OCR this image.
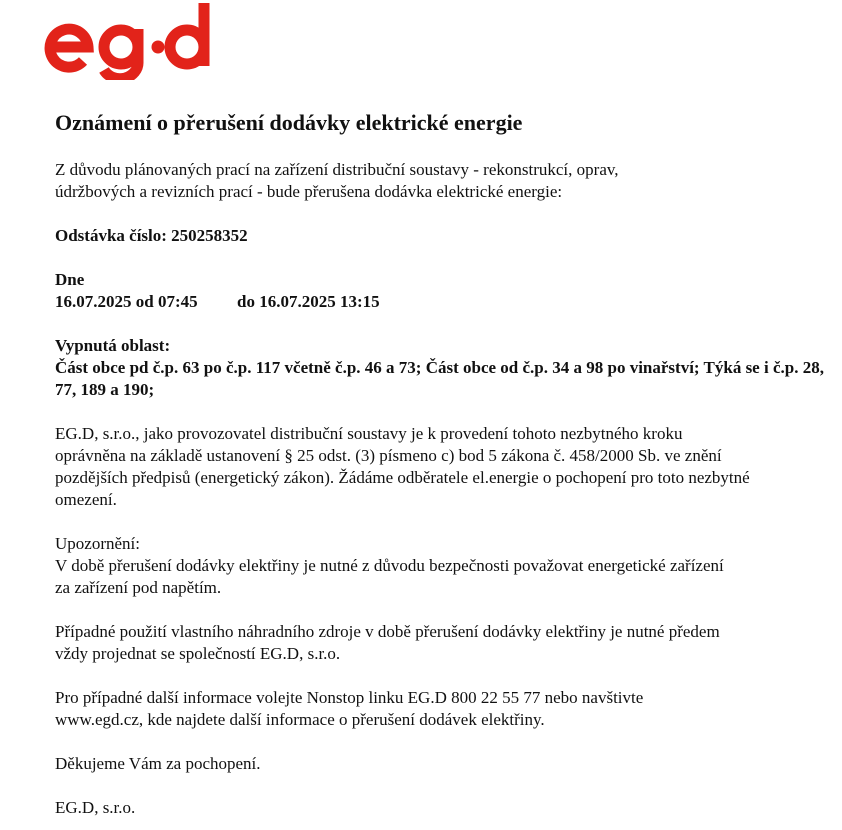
Oznámení o přerušení dodávky elektrické energie

Z důvodu plánovaných prací na zařízení distribuční soustavy - rekonstrukcí, oprav, údržbových a revizních prací - bude přerušena dodávka elektrické energie:

Odstávka číslo: 250258352

Dne
16.07.2025 od 07:45 do 16.07.2025 13:15

Vypnutá oblast:
Část obce pd č.p. 63 po č.p. 117 včetně č.p. 46 a 73; Část obce od č.p. 34 a 98 po vinařství; Týká se i č.p. 28, 77, 189 a 190;

EG.D, s.r.o., jako provozovatel distribuční soustavy je k provedení tohoto nezbytného kroku oprávněna na základě ustanovení § 25 odst. (3) písmeno c) bod 5 zákona č. 458/2000 Sb. ve znění pozdějších předpisů (energetický zákon). Žádáme odběratele el.energie o pochopení pro toto nezbytné omezení.

Upozornění:
V době přerušení dodávky elektřiny je nutné z důvodu bezpečnosti považovat energetické zařízení za zařízení pod napětím.

Případné použití vlastního náhradního zdroje v době přerušení dodávky elektřiny je nutné předem vždy projednat se společností EG.D, s.r.o.

Pro případné další informace volejte Nonstop linku EG.D 800 22 55 77 nebo navštivte www.egd.cz, kde najdete další informace o přerušení dodávek elektřiny.

Děkujeme Vám za pochopení.

EG.D, s.r.o.
